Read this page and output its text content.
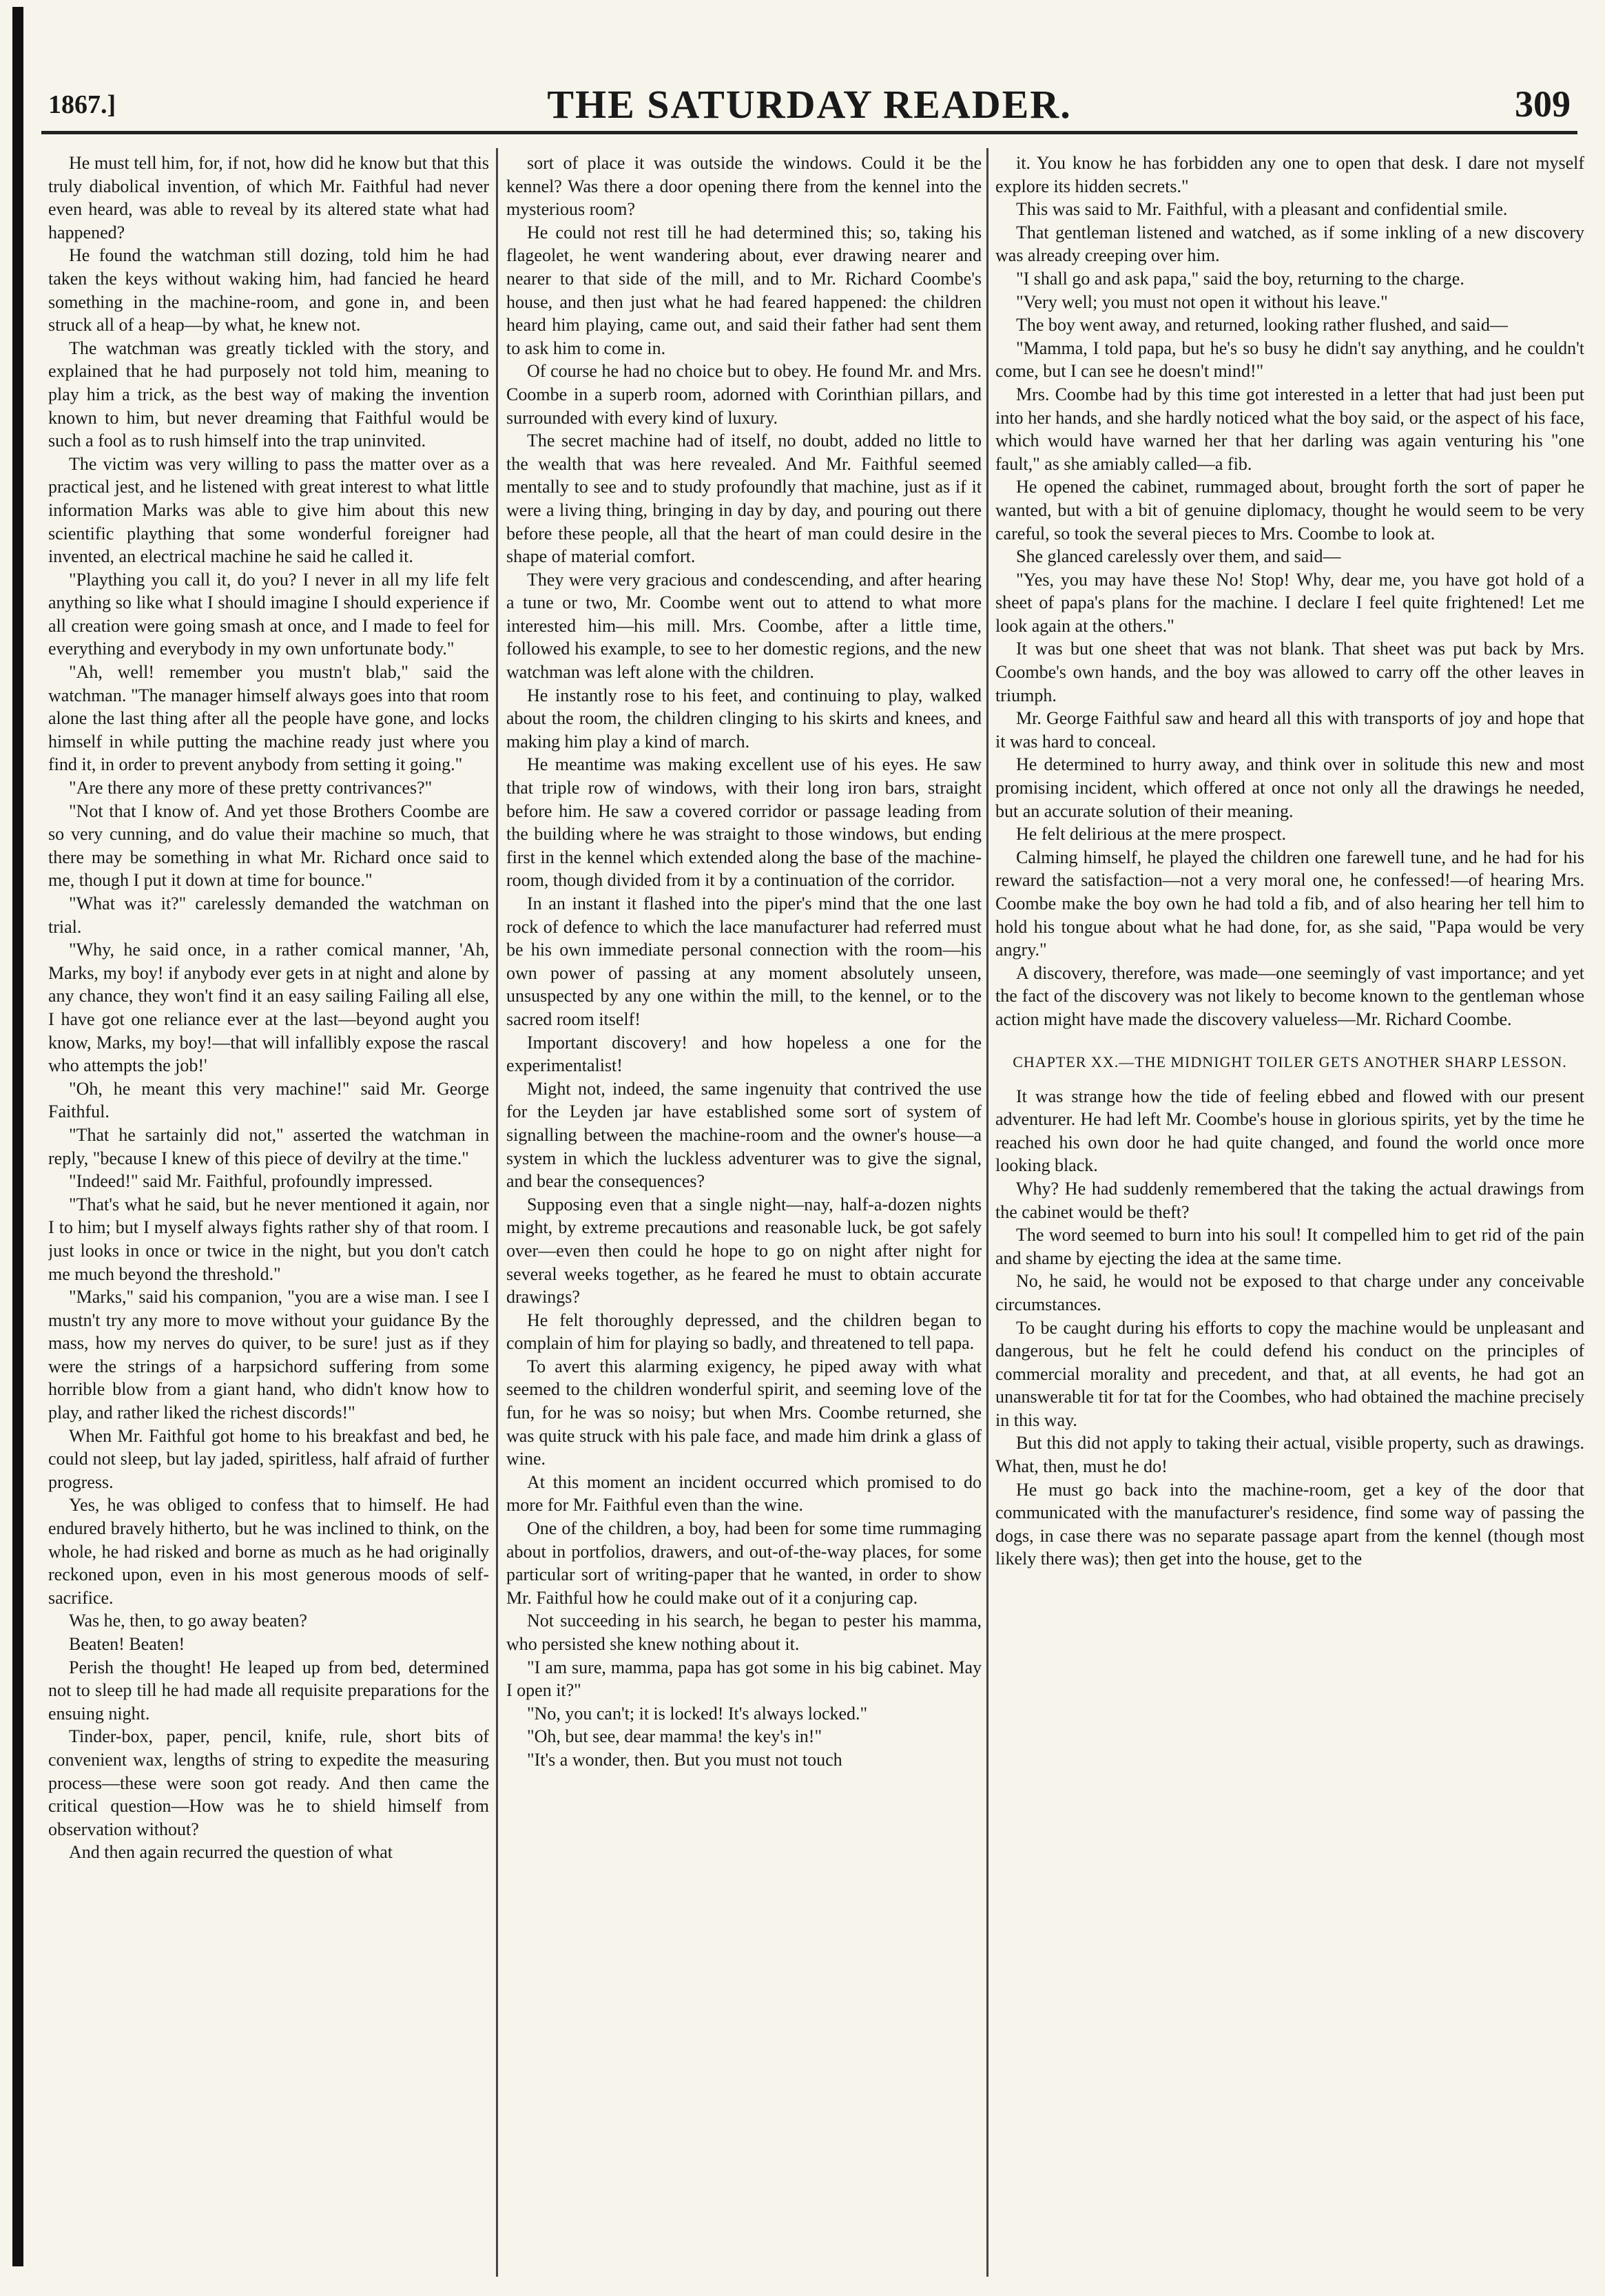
1867.]	THE SATURDAY READER.	309

He must tell him, for, if not, how did he know but that this truly diabolical invention, of which Mr. Faithful had never even heard, was able to reveal by its altered state what had happened?

He found the watchman still dozing, told him he had taken the keys without waking him, had fancied he heard something in the machine-room, and gone in, and been struck all of a heap—by what, he knew not.

The watchman was greatly tickled with the story, and explained that he had purposely not told him, meaning to play him a trick, as the best way of making the invention known to him, but never dreaming that Faithful would be such a fool as to rush himself into the trap uninvited.

The victim was very willing to pass the matter over as a practical jest, and he listened with great interest to what little information Marks was able to give him about this new scientific plaything that some wonderful foreigner had invented, an electrical machine he said he called it.

"Plaything you call it, do you? I never in all my life felt anything so like what I should imagine I should experience if all creation were going smash at once, and I made to feel for everything and everybody in my own unfortunate body."

"Ah, well! remember you mustn't blab," said the watchman. "The manager himself always goes into that room alone the last thing after all the people have gone, and locks himself in while putting the machine ready just where you find it, in order to prevent anybody from setting it going."

"Are there any more of these pretty contrivances?"

"Not that I know of. And yet those Brothers Coombe are so very cunning, and do value their machine so much, that there may be something in what Mr. Richard once said to me, though I put it down at time for bounce."

"What was it?" carelessly demanded the watchman on trial.

"Why, he said once, in a rather comical manner, 'Ah, Marks, my boy! if anybody ever gets in at night and alone by any chance, they won't find it an easy sailing Failing all else, I have got one reliance ever at the last—beyond aught you know, Marks, my boy!—that will infallibly expose the rascal who attempts the job!'

"Oh, he meant this very machine!" said Mr. George Faithful.

"That he sartainly did not," asserted the watchman in reply, "because I knew of this piece of devilry at the time."

"Indeed!" said Mr. Faithful, profoundly impressed.

"That's what he said, but he never mentioned it again, nor I to him; but I myself always fights rather shy of that room. I just looks in once or twice in the night, but you don't catch me much beyond the threshold."

"Marks," said his companion, "you are a wise man. I see I mustn't try any more to move without your guidance By the mass, how my nerves do quiver, to be sure! just as if they were the strings of a harpsichord suffering from some horrible blow from a giant hand, who didn't know how to play, and rather liked the richest discords!"

When Mr. Faithful got home to his breakfast and bed, he could not sleep, but lay jaded, spiritless, half afraid of further progress.

Yes, he was obliged to confess that to himself. He had endured bravely hitherto, but he was inclined to think, on the whole, he had risked and borne as much as he had originally reckoned upon, even in his most generous moods of self-sacrifice.

Was he, then, to go away beaten?

Beaten! Beaten!

Perish the thought! He leaped up from bed, determined not to sleep till he had made all requisite preparations for the ensuing night.

Tinder-box, paper, pencil, knife, rule, short bits of convenient wax, lengths of string to expedite the measuring process—these were soon got ready. And then came the critical question—How was he to shield himself from observation without?

And then again recurred the question of what

sort of place it was outside the windows. Could it be the kennel? Was there a door opening there from the kennel into the mysterious room?

He could not rest till he had determined this; so, taking his flageolet, he went wandering about, ever drawing nearer and nearer to that side of the mill, and to Mr. Richard Coombe's house, and then just what he had feared happened: the children heard him playing, came out, and said their father had sent them to ask him to come in.

Of course he had no choice but to obey. He found Mr. and Mrs. Coombe in a superb room, adorned with Corinthian pillars, and surrounded with every kind of luxury.

The secret machine had of itself, no doubt, added no little to the wealth that was here revealed. And Mr. Faithful seemed mentally to see and to study profoundly that machine, just as if it were a living thing, bringing in day by day, and pouring out there before these people, all that the heart of man could desire in the shape of material comfort.

They were very gracious and condescending, and after hearing a tune or two, Mr. Coombe went out to attend to what more interested him—his mill. Mrs. Coombe, after a little time, followed his example, to see to her domestic regions, and the new watchman was left alone with the children.

He instantly rose to his feet, and continuing to play, walked about the room, the children clinging to his skirts and knees, and making him play a kind of march.

He meantime was making excellent use of his eyes. He saw that triple row of windows, with their long iron bars, straight before him. He saw a covered corridor or passage leading from the building where he was straight to those windows, but ending first in the kennel which extended along the base of the machine-room, though divided from it by a continuation of the corridor.

In an instant it flashed into the piper's mind that the one last rock of defence to which the lace manufacturer had referred must be his own immediate personal connection with the room—his own power of passing at any moment absolutely unseen, unsuspected by any one within the mill, to the kennel, or to the sacred room itself!

Important discovery! and how hopeless a one for the experimentalist!

Might not, indeed, the same ingenuity that contrived the use for the Leyden jar have established some sort of system of signalling between the machine-room and the owner's house—a system in which the luckless adventurer was to give the signal, and bear the consequences?

Supposing even that a single night—nay, half-a-dozen nights might, by extreme precautions and reasonable luck, be got safely over—even then could he hope to go on night after night for several weeks together, as he feared he must to obtain accurate drawings?

He felt thoroughly depressed, and the children began to complain of him for playing so badly, and threatened to tell papa.

To avert this alarming exigency, he piped away with what seemed to the children wonderful spirit, and seeming love of the fun, for he was so noisy; but when Mrs. Coombe returned, she was quite struck with his pale face, and made him drink a glass of wine.

At this moment an incident occurred which promised to do more for Mr. Faithful even than the wine.

One of the children, a boy, had been for some time rummaging about in portfolios, drawers, and out-of-the-way places, for some particular sort of writing-paper that he wanted, in order to show Mr. Faithful how he could make out of it a conjuring cap.

Not succeeding in his search, he began to pester his mamma, who persisted she knew nothing about it.

"I am sure, mamma, papa has got some in his big cabinet. May I open it?"

"No, you can't; it is locked! It's always locked."

"Oh, but see, dear mamma! the key's in!"

"It's a wonder, then. But you must not touch

it. You know he has forbidden any one to open that desk. I dare not myself explore its hidden secrets."

This was said to Mr. Faithful, with a pleasant and confidential smile.

That gentleman listened and watched, as if some inkling of a new discovery was already creeping over him.

"I shall go and ask papa," said the boy, returning to the charge.

"Very well; you must not open it without his leave."

The boy went away, and returned, looking rather flushed, and said—

"Mamma, I told papa, but he's so busy he didn't say anything, and he couldn't come, but I can see he doesn't mind!"

Mrs. Coombe had by this time got interested in a letter that had just been put into her hands, and she hardly noticed what the boy said, or the aspect of his face, which would have warned her that her darling was again venturing his "one fault," as she amiably called—a fib.

He opened the cabinet, rummaged about, brought forth the sort of paper he wanted, but with a bit of genuine diplomacy, thought he would seem to be very careful, so took the several pieces to Mrs. Coombe to look at.

She glanced carelessly over them, and said—

"Yes, you may have these No! Stop! Why, dear me, you have got hold of a sheet of papa's plans for the machine. I declare I feel quite frightened! Let me look again at the others."

It was but one sheet that was not blank. That sheet was put back by Mrs. Coombe's own hands, and the boy was allowed to carry off the other leaves in triumph.

Mr. George Faithful saw and heard all this with transports of joy and hope that it was hard to conceal.

He determined to hurry away, and think over in solitude this new and most promising incident, which offered at once not only all the drawings he needed, but an accurate solution of their meaning.

He felt delirious at the mere prospect.

Calming himself, he played the children one farewell tune, and he had for his reward the satisfaction—not a very moral one, he confessed!—of hearing Mrs. Coombe make the boy own he had told a fib, and of also hearing her tell him to hold his tongue about what he had done, for, as she said, "Papa would be very angry."

A discovery, therefore, was made—one seemingly of vast importance; and yet the fact of the discovery was not likely to become known to the gentleman whose action might have made the discovery valueless—Mr. Richard Coombe.

CHAPTER XX.—THE MIDNIGHT TOILER GETS ANOTHER SHARP LESSON.

It was strange how the tide of feeling ebbed and flowed with our present adventurer. He had left Mr. Coombe's house in glorious spirits, yet by the time he reached his own door he had quite changed, and found the world once more looking black.

Why? He had suddenly remembered that the taking the actual drawings from the cabinet would be theft?

The word seemed to burn into his soul! It compelled him to get rid of the pain and shame by ejecting the idea at the same time.

No, he said, he would not be exposed to that charge under any conceivable circumstances.

To be caught during his efforts to copy the machine would be unpleasant and dangerous, but he felt he could defend his conduct on the principles of commercial morality and precedent, and that, at all events, he had got an unanswerable tit for tat for the Coombes, who had obtained the machine precisely in this way.

But this did not apply to taking their actual, visible property, such as drawings. What, then, must he do!

He must go back into the machine-room, get a key of the door that communicated with the manufacturer's residence, find some way of passing the dogs, in case there was no separate passage apart from the kennel (though most likely there was); then get into the house, get to the
